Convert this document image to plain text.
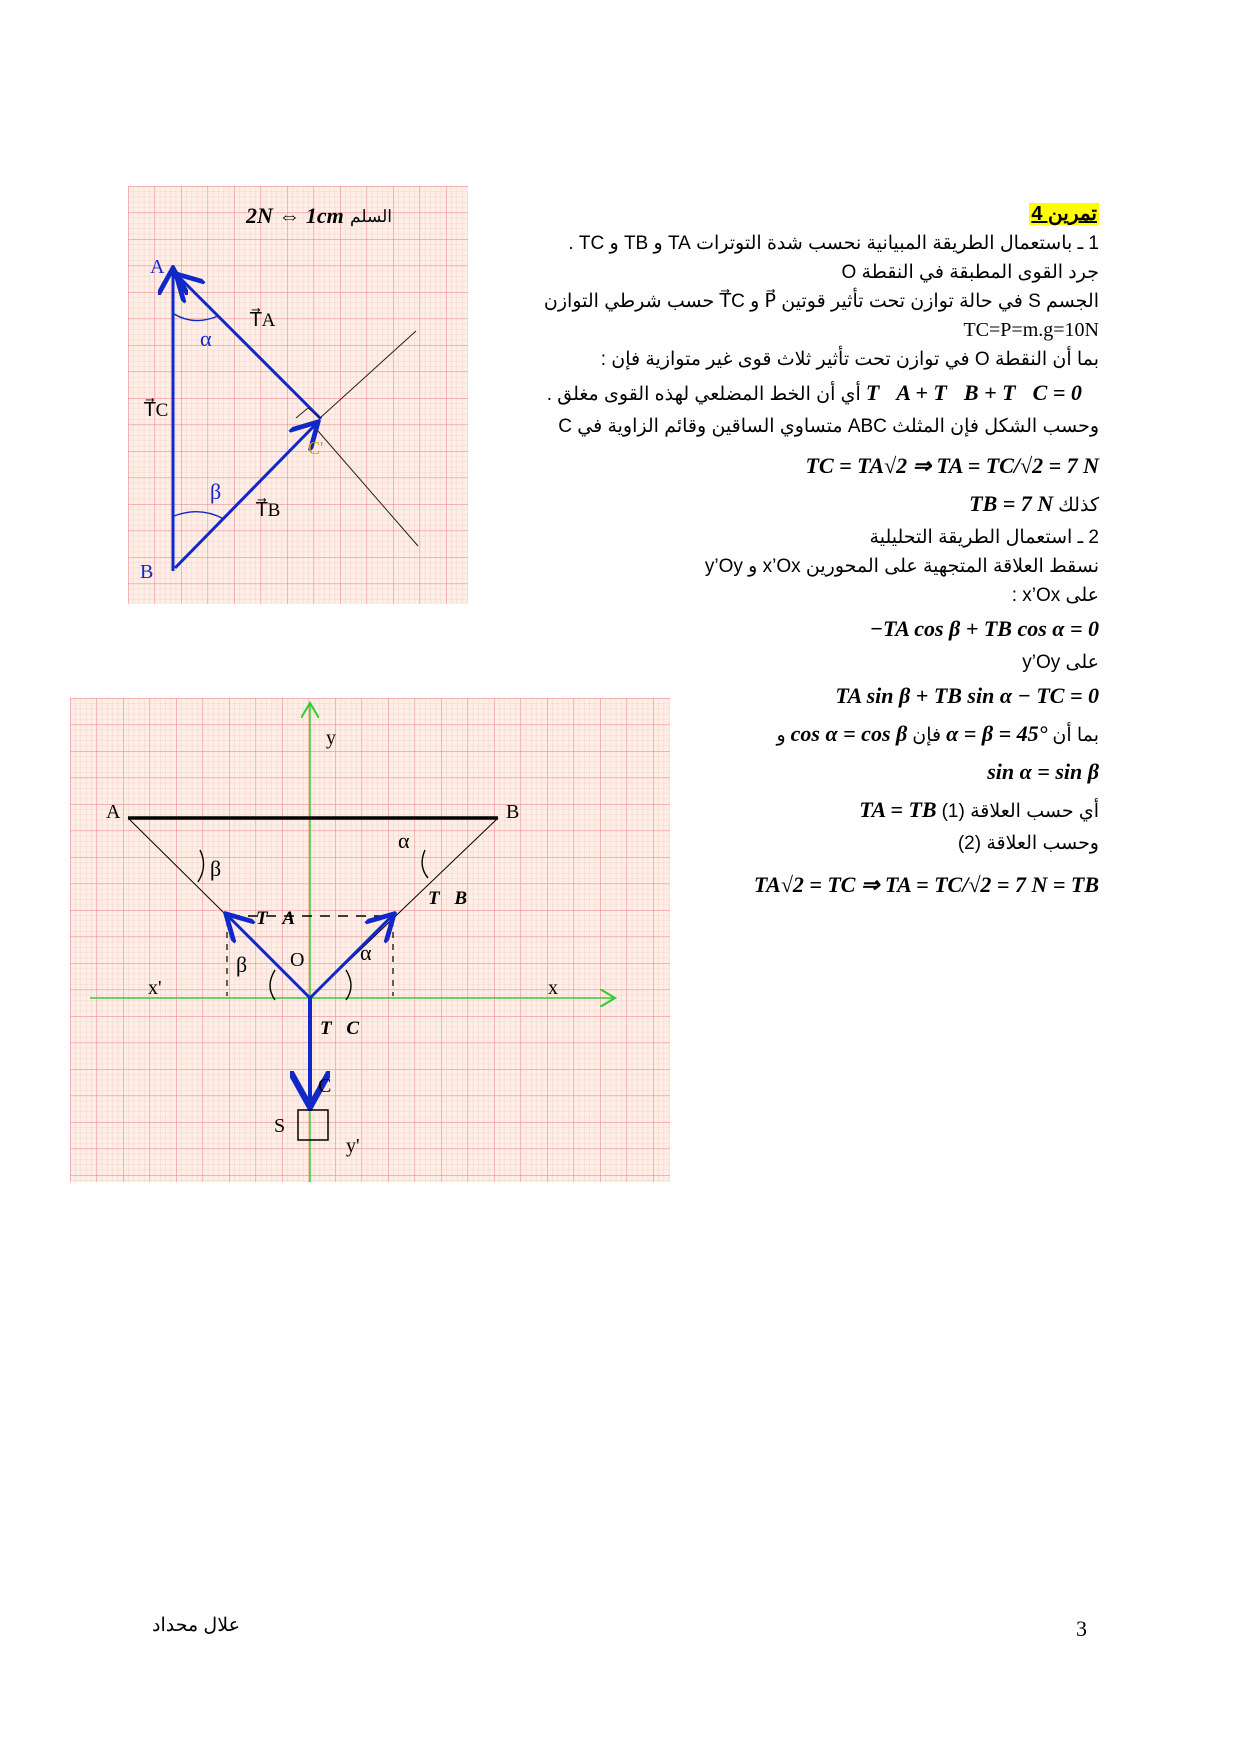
2N ⇔ 1cm السلم
A
B
C'
α
β
T⃗A
T⃗B
T⃗C
A	B
O
C
S
x
x'
y
y'
β
α
β	α
T⃗A
T⃗B
T⃗C
تمرين 4
1 ـ باستعمال الطريقة المبيانية نحسب شدة التوترات TA و TB و TC .
جرد القوى المطبقة في النقطة O
الجسم S في حالة توازن تحت تأثير قوتين P⃗ و T⃗C حسب شرطي التوازن
TC=P=m.g=10N
بما أن النقطة O في توازن تحت تأثير ثلاث قوى غير متوازية فإن :
T⃗A + T⃗B + T⃗C = 0⃗ أي أن الخط المضلعي لهذه القوى مغلق .
وحسب الشكل فإن المثلث ABC متساوي الساقين وقائم الزاوية في C
TC = TA√2 ⇒ TA = TC/√2 = 7 N
كذلك TB = 7 N
2 ـ استعمال الطريقة التحليلية
نسقط العلاقة المتجهية على المحورين x’Ox و y’Oy
على x’Ox :
−TA cos β + TB cos α = 0
على y’Oy
TA sin β + TB sin α − TC = 0
بما أن α = β = 45° فإن cos α = cos β و
sin α = sin β
أي حسب العلاقة (1) TA = TB
وحسب العلاقة (2)
TA√2 = TC ⇒ TA = TC/√2 = 7 N = TB
3
علال محداد
